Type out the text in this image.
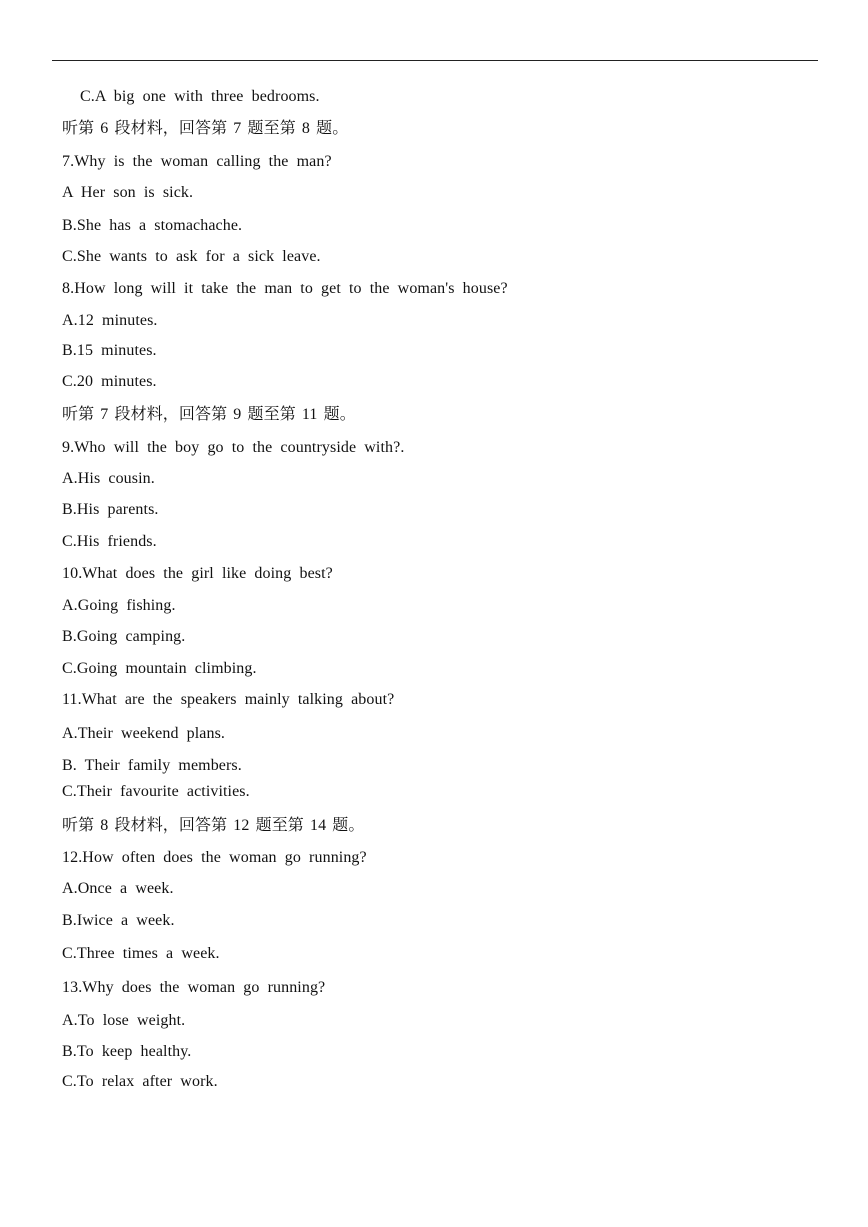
C.A big one with three bedrooms.
听第 6 段材料，回答第 7 题至第 8 题。
7.Why is the woman calling the man?
A Her son is sick.
B.She has a stomachache.
C.She wants to ask for a sick leave.
8.How long will it take the man to get to the woman's house?
A.12 minutes.
B.15 minutes.
C.20 minutes.
听第 7 段材料，回答第 9 题至第 11 题。
9.Who will the boy go to the countryside with?.
A.His cousin.
B.His parents.
C.His friends.
10.What does the girl like doing best?
A.Going fishing.
B.Going camping.
C.Going mountain climbing.
11.What are the speakers mainly talking about?
A.Their weekend plans.
B. Their family members.
C.Their favourite activities.
听第 8 段材料，回答第 12 题至第 14 题。
12.How often does the woman go running?
A.Once a week.
B.Iwice a week.
C.Three times a week.
13.Why does the woman go running?
A.To lose weight.
B.To keep healthy.
C.To relax after work.
